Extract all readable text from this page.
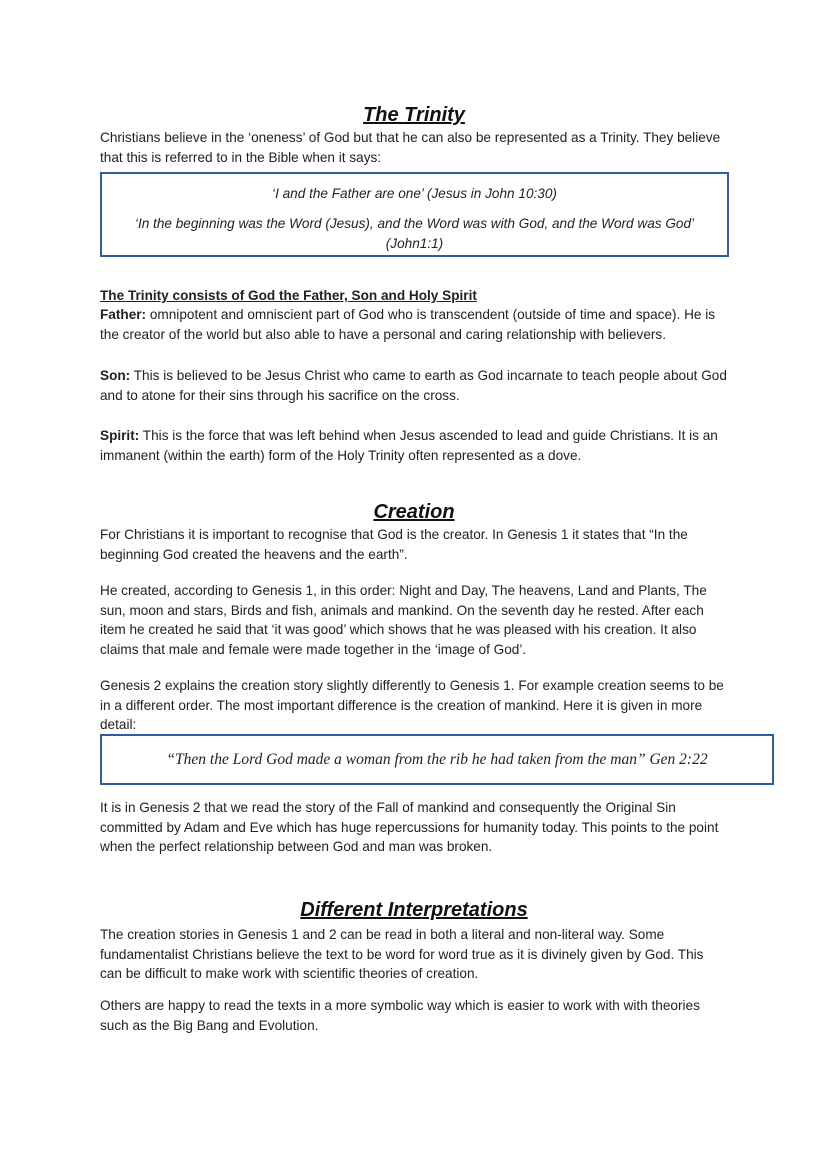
The Trinity

Christians believe in the ‘oneness’ of God but that he can also be represented as a Trinity. They believe that this is referred to in the Bible when it says:

‘I and the Father are one’ (Jesus in John 10:30)

‘In the beginning was the Word (Jesus), and the Word was with God, and the Word was God’ (John1:1)

The Trinity consists of God the Father, Son and Holy Spirit

Father: omnipotent and omniscient part of God who is transcendent (outside of time and space). He is the creator of the world but also able to have a personal and caring relationship with believers.

Son: This is believed to be Jesus Christ who came to earth as God incarnate to teach people about God and to atone for their sins through his sacrifice on the cross.

Spirit: This is the force that was left behind when Jesus ascended to lead and guide Christians. It is an immanent (within the earth) form of the Holy Trinity often represented as a dove.

Creation

For Christians it is important to recognise that God is the creator. In Genesis 1 it states that “In the beginning God created the heavens and the earth”.

He created, according to Genesis 1, in this order: Night and Day, The heavens, Land and Plants, The sun, moon and stars, Birds and fish, animals and mankind. On the seventh day he rested. After each item he created he said that ‘it was good’ which shows that he was pleased with his creation. It also claims that male and female were made together in the ‘image of God’.

Genesis 2 explains the creation story slightly differently to Genesis 1. For example creation seems to be in a different order. The most important difference is the creation of mankind. Here it is given in more detail:

“Then the Lord God made a woman from the rib he had taken from the man” Gen 2:22

It is in Genesis 2 that we read the story of the Fall of mankind and consequently the Original Sin committed by Adam and Eve which has huge repercussions for humanity today. This points to the point when the perfect relationship between God and man was broken.

Different Interpretations

The creation stories in Genesis 1 and 2 can be read in both a literal and non-literal way. Some fundamentalist Christians believe the text to be word for word true as it is divinely given by God. This can be difficult to make work with scientific theories of creation.

Others are happy to read the texts in a more symbolic way which is easier to work with with theories such as the Big Bang and Evolution.
